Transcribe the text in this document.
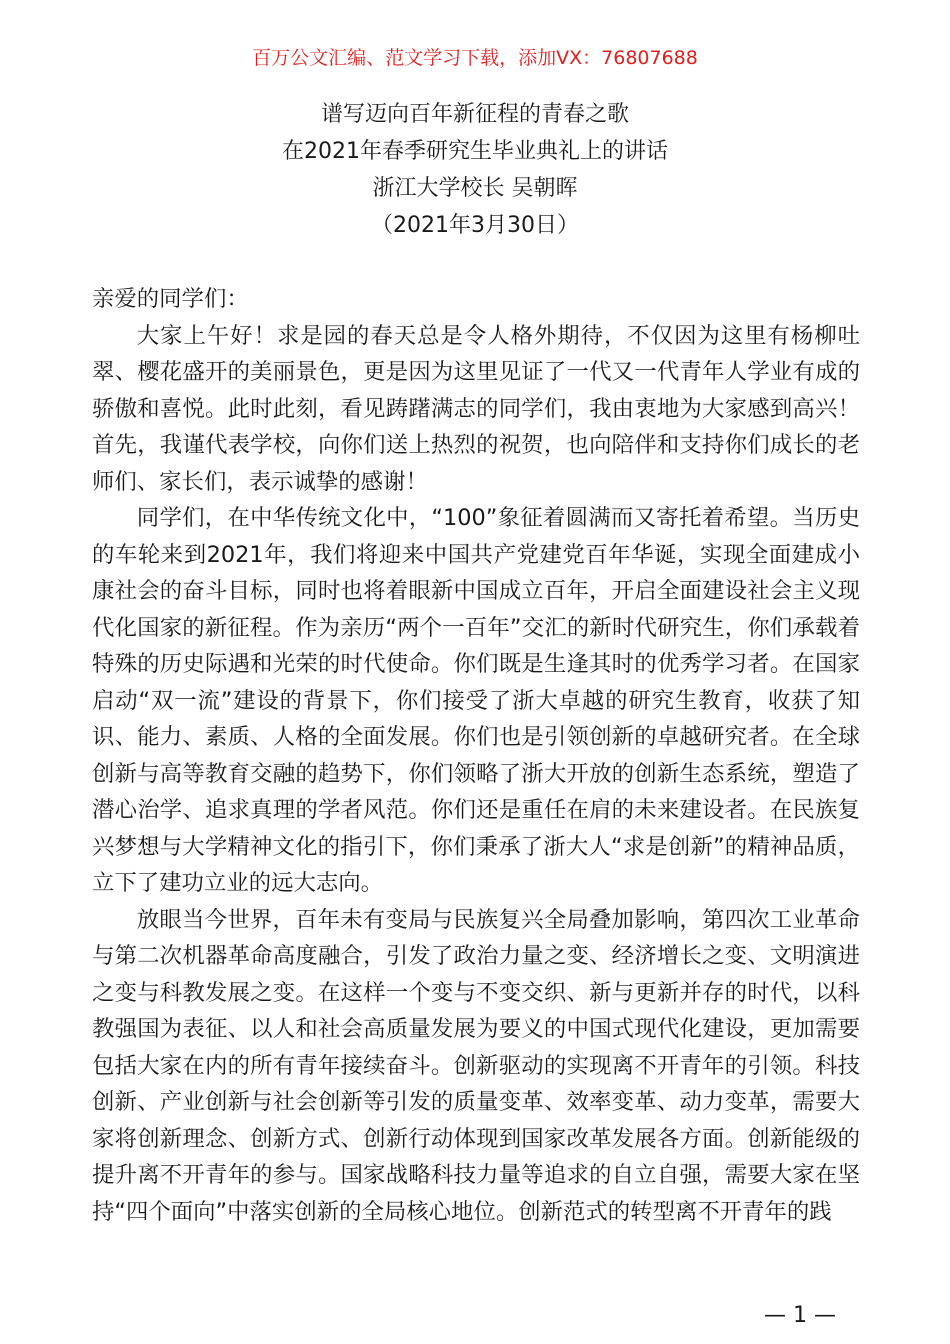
百万公文汇编、范文学习下载，添加VX：76807688
谱写迈向百年新征程的青春之歌
在2021年春季研究生毕业典礼上的讲话
浙江大学校长 吴朝晖
（2021年3月30日）

亲爱的同学们：

大家上午好！求是园的春天总是令人格外期待，不仅因为这里有杨柳吐翠、樱花盛开的美丽景色，更是因为这里见证了一代又一代青年人学业有成的骄傲和喜悦。此时此刻，看见踌躇满志的同学们，我由衷地为大家感到高兴！首先，我谨代表学校，向你们送上热烈的祝贺，也向陪伴和支持你们成长的老师们、家长们，表示诚挚的感谢！

同学们，在中华传统文化中，“100”象征着圆满而又寄托着希望。当历史的车轮来到2021年，我们将迎来中国共产党建党百年华诞，实现全面建成小康社会的奋斗目标，同时也将着眼新中国成立百年，开启全面建设社会主义现代化国家的新征程。作为亲历“两个一百年”交汇的新时代研究生，你们承载着特殊的历史际遇和光荣的时代使命。你们既是生逢其时的优秀学习者。在国家启动“双一流”建设的背景下，你们接受了浙大卓越的研究生教育，收获了知识、能力、素质、人格的全面发展。你们也是引领创新的卓越研究者。在全球创新与高等教育交融的趋势下，你们领略了浙大开放的创新生态系统，塑造了潜心治学、追求真理的学者风范。你们还是重任在肩的未来建设者。在民族复兴梦想与大学精神文化的指引下，你们秉承了浙大人“求是创新”的精神品质，立下了建功立业的远大志向。

放眼当今世界，百年未有变局与民族复兴全局叠加影响，第四次工业革命与第二次机器革命高度融合，引发了政治力量之变、经济增长之变、文明演进之变与科教发展之变。在这样一个变与不变交织、新与更新并存的时代，以科教强国为表征、以人和社会高质量发展为要义的中国式现代化建设，更加需要包括大家在内的所有青年接续奋斗。创新驱动的实现离不开青年的引领。科技创新、产业创新与社会创新等引发的质量变革、效率变革、动力变革，需要大家将创新理念、创新方式、创新行动体现到国家改革发展各方面。创新能级的提升离不开青年的参与。国家战略科技力量等追求的自立自强，需要大家在坚持“四个面向”中落实创新的全局核心地位。创新范式的转型离不开青年的践

— 1 —
